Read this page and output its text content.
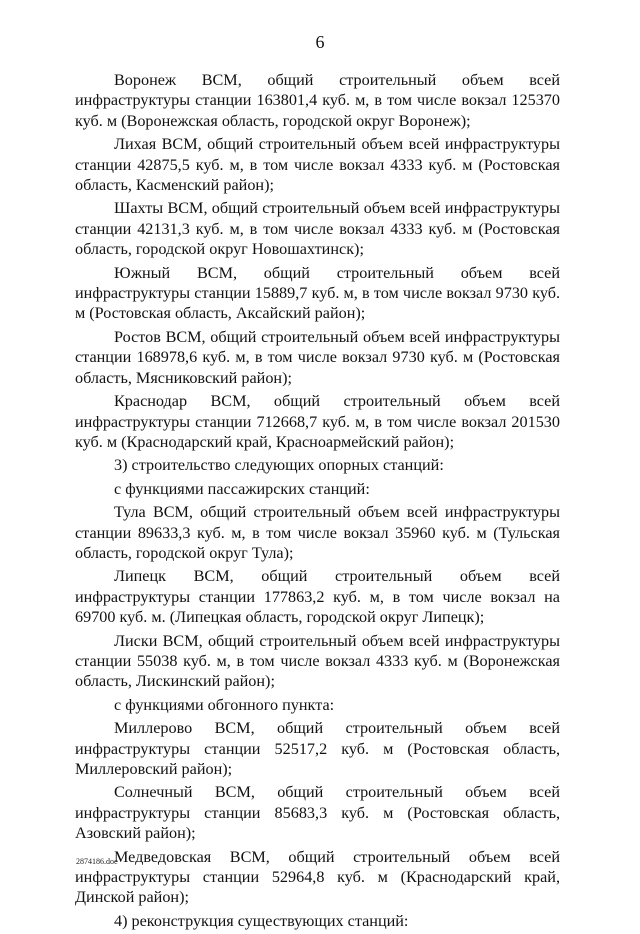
6

Воронеж ВСМ, общий строительный объем всей инфраструктуры станции 163801,4 куб. м, в том числе вокзал 125370 куб. м (Воронежская область, городской округ Воронеж);

Лихая ВСМ, общий строительный объем всей инфраструктуры станции 42875,5 куб. м, в том числе вокзал 4333 куб. м (Ростовская область, Касменский район);

Шахты ВСМ, общий строительный объем всей инфраструктуры станции 42131,3 куб. м, в том числе вокзал 4333 куб. м (Ростовская область, городской округ Новошахтинск);

Южный ВСМ, общий строительный объем всей инфраструктуры станции 15889,7 куб. м, в том числе вокзал 9730 куб. м (Ростовская область, Аксайский район);

Ростов ВСМ, общий строительный объем всей инфраструктуры станции 168978,6 куб. м, в том числе вокзал 9730 куб. м (Ростовская область, Мясниковский район);

Краснодар ВСМ, общий строительный объем всей инфраструктуры станции 712668,7 куб. м, в том числе вокзал 201530 куб. м (Краснодарский край, Красноармейский район);

3) строительство следующих опорных станций:

с функциями пассажирских станций:

Тула ВСМ, общий строительный объем всей инфраструктуры станции 89633,3 куб. м, в том числе вокзал 35960 куб. м (Тульская область, городской округ Тула);

Липецк ВСМ, общий строительный объем всей инфраструктуры станции 177863,2 куб. м, в том числе вокзал на 69700 куб. м. (Липецкая область, городской округ Липецк);

Лиски ВСМ, общий строительный объем всей инфраструктуры станции 55038 куб. м, в том числе вокзал 4333 куб. м (Воронежская область, Лискинский район);

с функциями обгонного пункта:

Миллерово ВСМ, общий строительный объем всей инфраструктуры станции 52517,2 куб. м (Ростовская область, Миллеровский район);

Солнечный ВСМ, общий строительный объем всей инфраструктуры станции 85683,3 куб. м (Ростовская область, Азовский район);

Медведовская ВСМ, общий строительный объем всей инфраструктуры станции 52964,8 куб. м (Краснодарский край, Динской район);

4) реконструкция существующих станций:

2874186.doc
